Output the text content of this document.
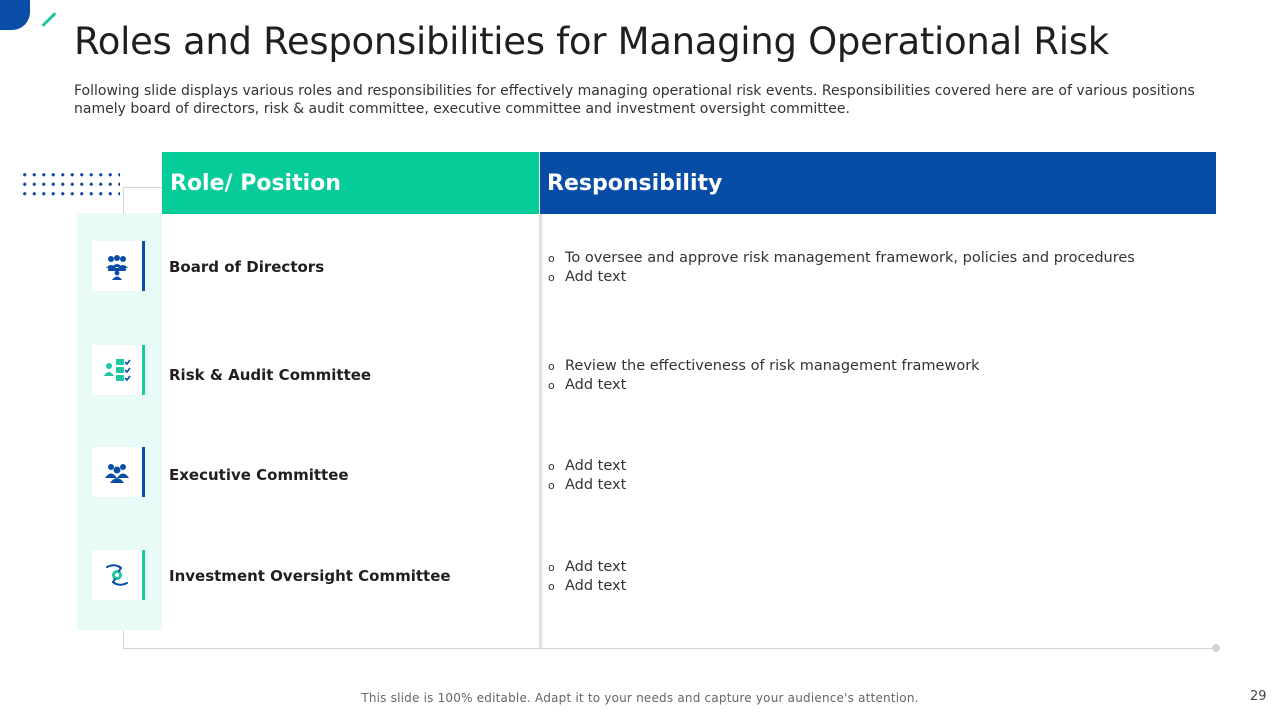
Roles and Responsibilities for Managing Operational Risk
Following slide displays various roles and responsibilities for effectively managing operational risk events. Responsibilities covered here are of various positions namely board of directors, risk & audit committee, executive committee and investment oversight committee.
Role/ Position	Responsibility
Board of Directors	o To oversee and approve risk management framework, policies and procedures
o Add text
Risk & Audit Committee	o Review the effectiveness of risk management framework
o Add text
Executive Committee	o Add text
o Add text
Investment Oversight Committee	o Add text
o Add text
This slide is 100% editable. Adapt it to your needs and capture your audience's attention.	29
